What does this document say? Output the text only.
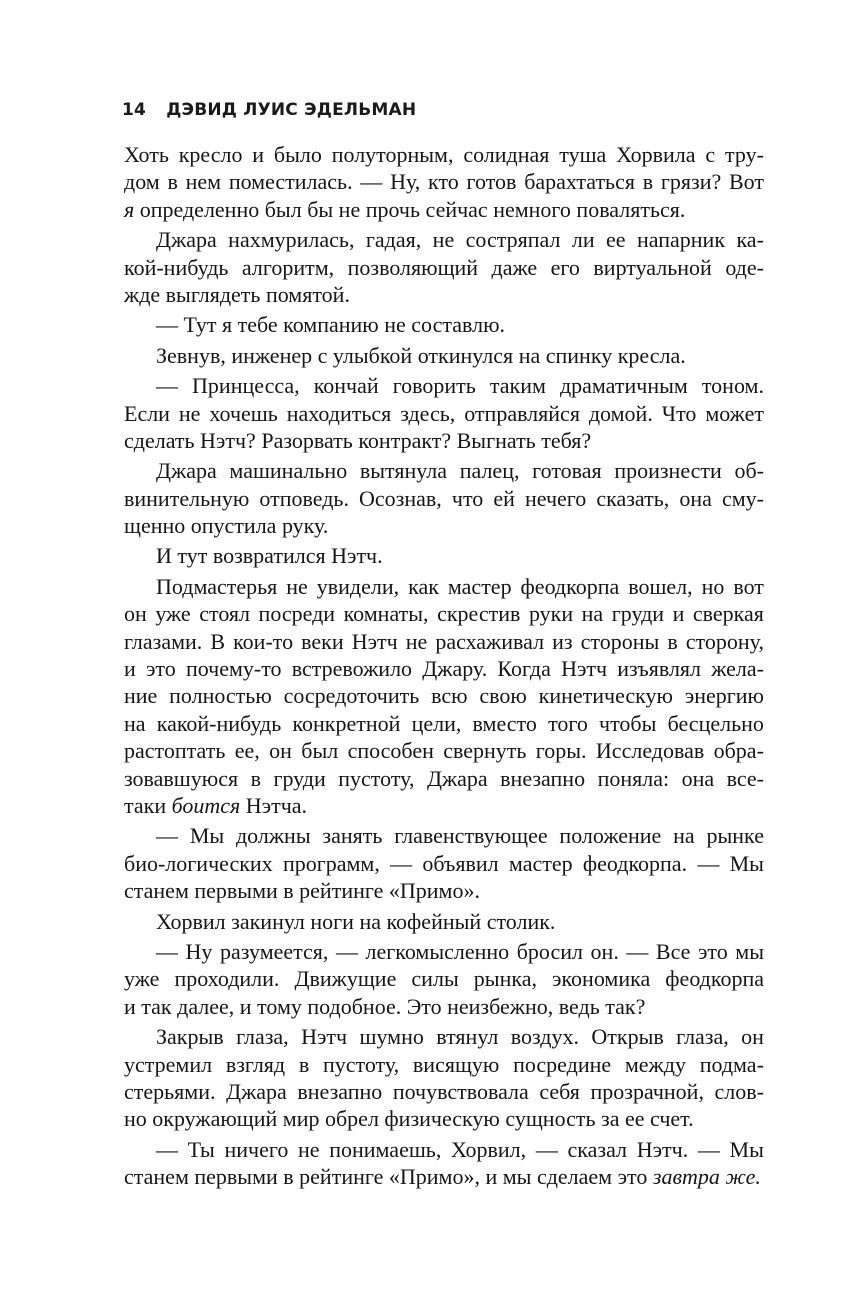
14 ДЭВИД ЛУИС ЭДЕЛЬМАН
Хоть кресло и было полуторным, солидная туша Хорвила с тру-
дом в нем поместилась. — Ну, кто готов барахтаться в грязи? Вот
я определенно был бы не прочь сейчас немного поваляться.
Джара нахмурилась, гадая, не состряпал ли ее напарник ка-
кой-нибудь алгоритм, позволяющий даже его виртуальной оде-
жде выглядеть помятой.
— Тут я тебе компанию не составлю.
Зевнув, инженер с улыбкой откинулся на спинку кресла.
— Принцесса, кончай говорить таким драматичным тоном.
Если не хочешь находиться здесь, отправляйся домой. Что может
сделать Нэтч? Разорвать контракт? Выгнать тебя?
Джара машинально вытянула палец, готовая произнести об-
винительную отповедь. Осознав, что ей нечего сказать, она сму-
щенно опустила руку.
И тут возвратился Нэтч.
Подмастерья не увидели, как мастер феодкорпа вошел, но вот
он уже стоял посреди комнаты, скрестив руки на груди и сверкая
глазами. В кои-то веки Нэтч не расхаживал из стороны в сторону,
и это почему-то встревожило Джару. Когда Нэтч изъявлял жела-
ние полностью сосредоточить всю свою кинетическую энергию
на какой-нибудь конкретной цели, вместо того чтобы бесцельно
растоптать ее, он был способен свернуть горы. Исследовав обра-
зовавшуюся в груди пустоту, Джара внезапно поняла: она все-
таки боится Нэтча.
— Мы должны занять главенствующее положение на рынке
био-логических программ, — объявил мастер феодкорпа. — Мы
станем первыми в рейтинге «Примо».
Хорвил закинул ноги на кофейный столик.
— Ну разумеется, — легкомысленно бросил он. — Все это мы
уже проходили. Движущие силы рынка, экономика феодкорпа
и так далее, и тому подобное. Это неизбежно, ведь так?
Закрыв глаза, Нэтч шумно втянул воздух. Открыв глаза, он
устремил взгляд в пустоту, висящую посредине между подма-
стерьями. Джара внезапно почувствовала себя прозрачной, слов-
но окружающий мир обрел физическую сущность за ее счет.
— Ты ничего не понимаешь, Хорвил, — сказал Нэтч. — Мы
станем первыми в рейтинге «Примо», и мы сделаем это завтра же.
